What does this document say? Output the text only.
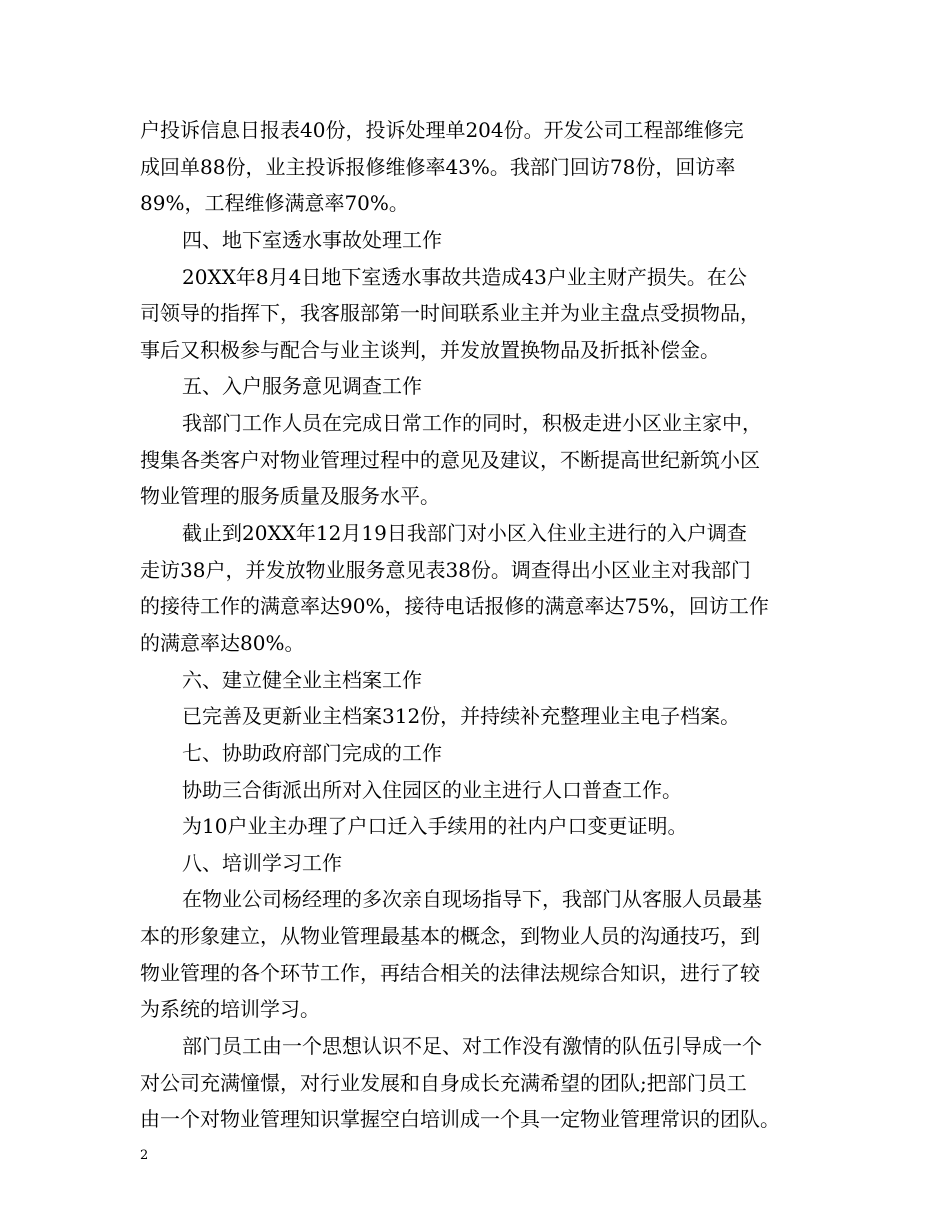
户投诉信息日报表40份，投诉处理单204份。开发公司工程部维修完
成回单88份，业主投诉报修维修率43%。我部门回访78份，回访率
89%，工程维修满意率70%。
四、地下室透水事故处理工作
20XX年8月4日地下室透水事故共造成43户业主财产损失。在公
司领导的指挥下，我客服部第一时间联系业主并为业主盘点受损物品，
事后又积极参与配合与业主谈判，并发放置换物品及折抵补偿金。
五、入户服务意见调查工作
我部门工作人员在完成日常工作的同时，积极走进小区业主家中，
搜集各类客户对物业管理过程中的意见及建议，不断提高世纪新筑小区
物业管理的服务质量及服务水平。
截止到20XX年12月19日我部门对小区入住业主进行的入户调查
走访38户，并发放物业服务意见表38份。调查得出小区业主对我部门
的接待工作的满意率达90%，接待电话报修的满意率达75%，回访工作
的满意率达80%。
六、建立健全业主档案工作
已完善及更新业主档案312份，并持续补充整理业主电子档案。
七、协助政府部门完成的工作
协助三合街派出所对入住园区的业主进行人口普查工作。
为10户业主办理了户口迁入手续用的社内户口变更证明。
八、培训学习工作
在物业公司杨经理的多次亲自现场指导下，我部门从客服人员最基
本的形象建立，从物业管理最基本的概念，到物业人员的沟通技巧，到
物业管理的各个环节工作，再结合相关的法律法规综合知识，进行了较
为系统的培训学习。
部门员工由一个思想认识不足、对工作没有激情的队伍引导成一个
对公司充满憧憬，对行业发展和自身成长充满希望的团队;把部门员工
由一个对物业管理知识掌握空白培训成一个具一定物业管理常识的团队。
2
